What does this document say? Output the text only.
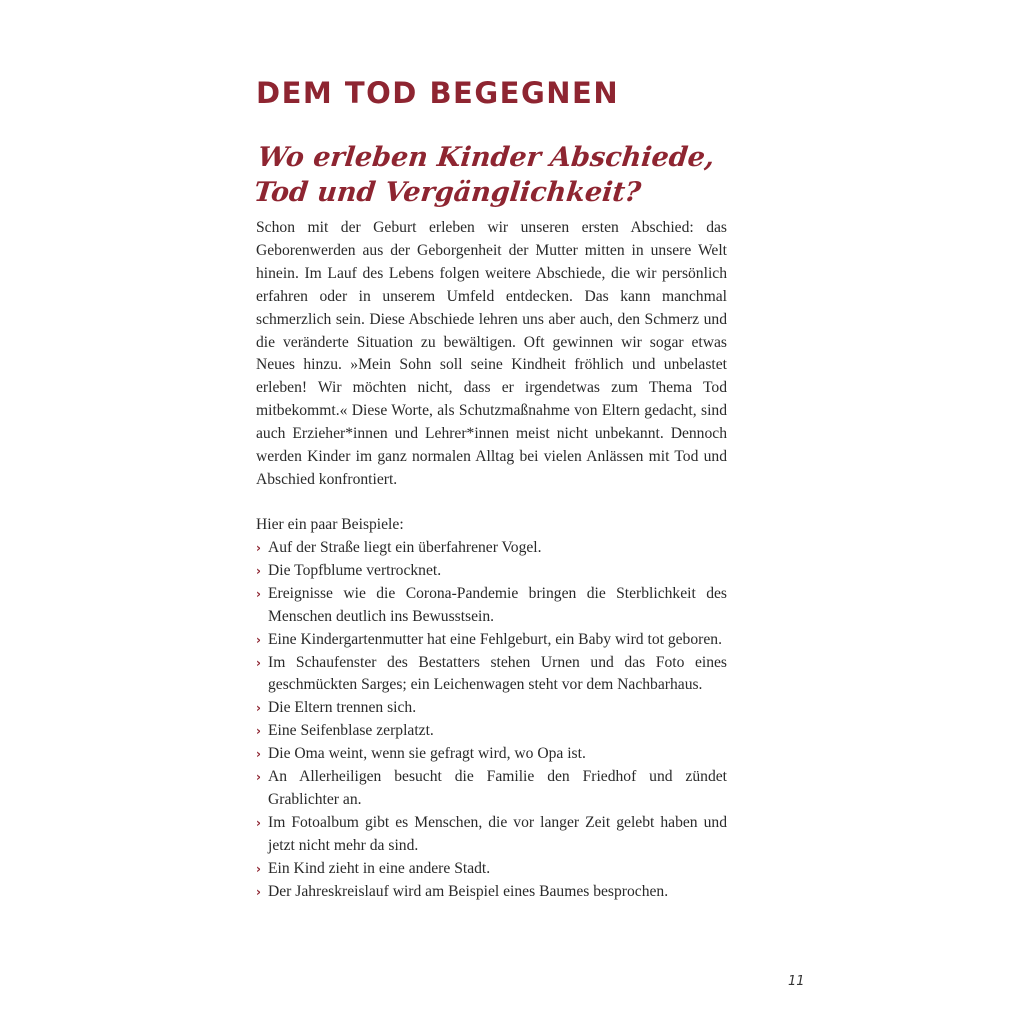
DEM TOD BEGEGNEN
Wo erleben Kinder Abschiede, Tod und Vergänglichkeit?

Schon mit der Geburt erleben wir unseren ersten Abschied: das Geborenwerden aus der Geborgenheit der Mutter mitten in unsere Welt hinein. Im Lauf des Lebens folgen weitere Abschiede, die wir persönlich erfahren oder in unserem Umfeld entdecken. Das kann manchmal schmerzlich sein. Diese Abschiede lehren uns aber auch, den Schmerz und die veränderte Situation zu bewältigen. Oft gewinnen wir sogar etwas Neues hinzu. »Mein Sohn soll seine Kindheit fröhlich und unbelastet erleben! Wir möchten nicht, dass er irgendetwas zum Thema Tod mitbekommt.« Diese Worte, als Schutzmaßnahme von Eltern gedacht, sind auch Erzieher*innen und Lehrer*innen meist nicht unbekannt. Dennoch werden Kinder im ganz normalen Alltag bei vielen Anlässen mit Tod und Abschied konfrontiert.

Hier ein paar Beispiele:

› Auf der Straße liegt ein überfahrener Vogel.
› Die Topfblume vertrocknet.
› Ereignisse wie die Corona-Pandemie bringen die Sterblichkeit des Menschen deutlich ins Bewusstsein.
› Eine Kindergartenmutter hat eine Fehlgeburt, ein Baby wird tot geboren.
› Im Schaufenster des Bestatters stehen Urnen und das Foto eines geschmückten Sarges; ein Leichenwagen steht vor dem Nachbarhaus.
› Die Eltern trennen sich.
› Eine Seifenblase zerplatzt.
› Die Oma weint, wenn sie gefragt wird, wo Opa ist.
› An Allerheiligen besucht die Familie den Friedhof und zündet Grablichter an.
› Im Fotoalbum gibt es Menschen, die vor langer Zeit gelebt haben und jetzt nicht mehr da sind.
› Ein Kind zieht in eine andere Stadt.
› Der Jahreskreislauf wird am Beispiel eines Baumes besprochen.
11
